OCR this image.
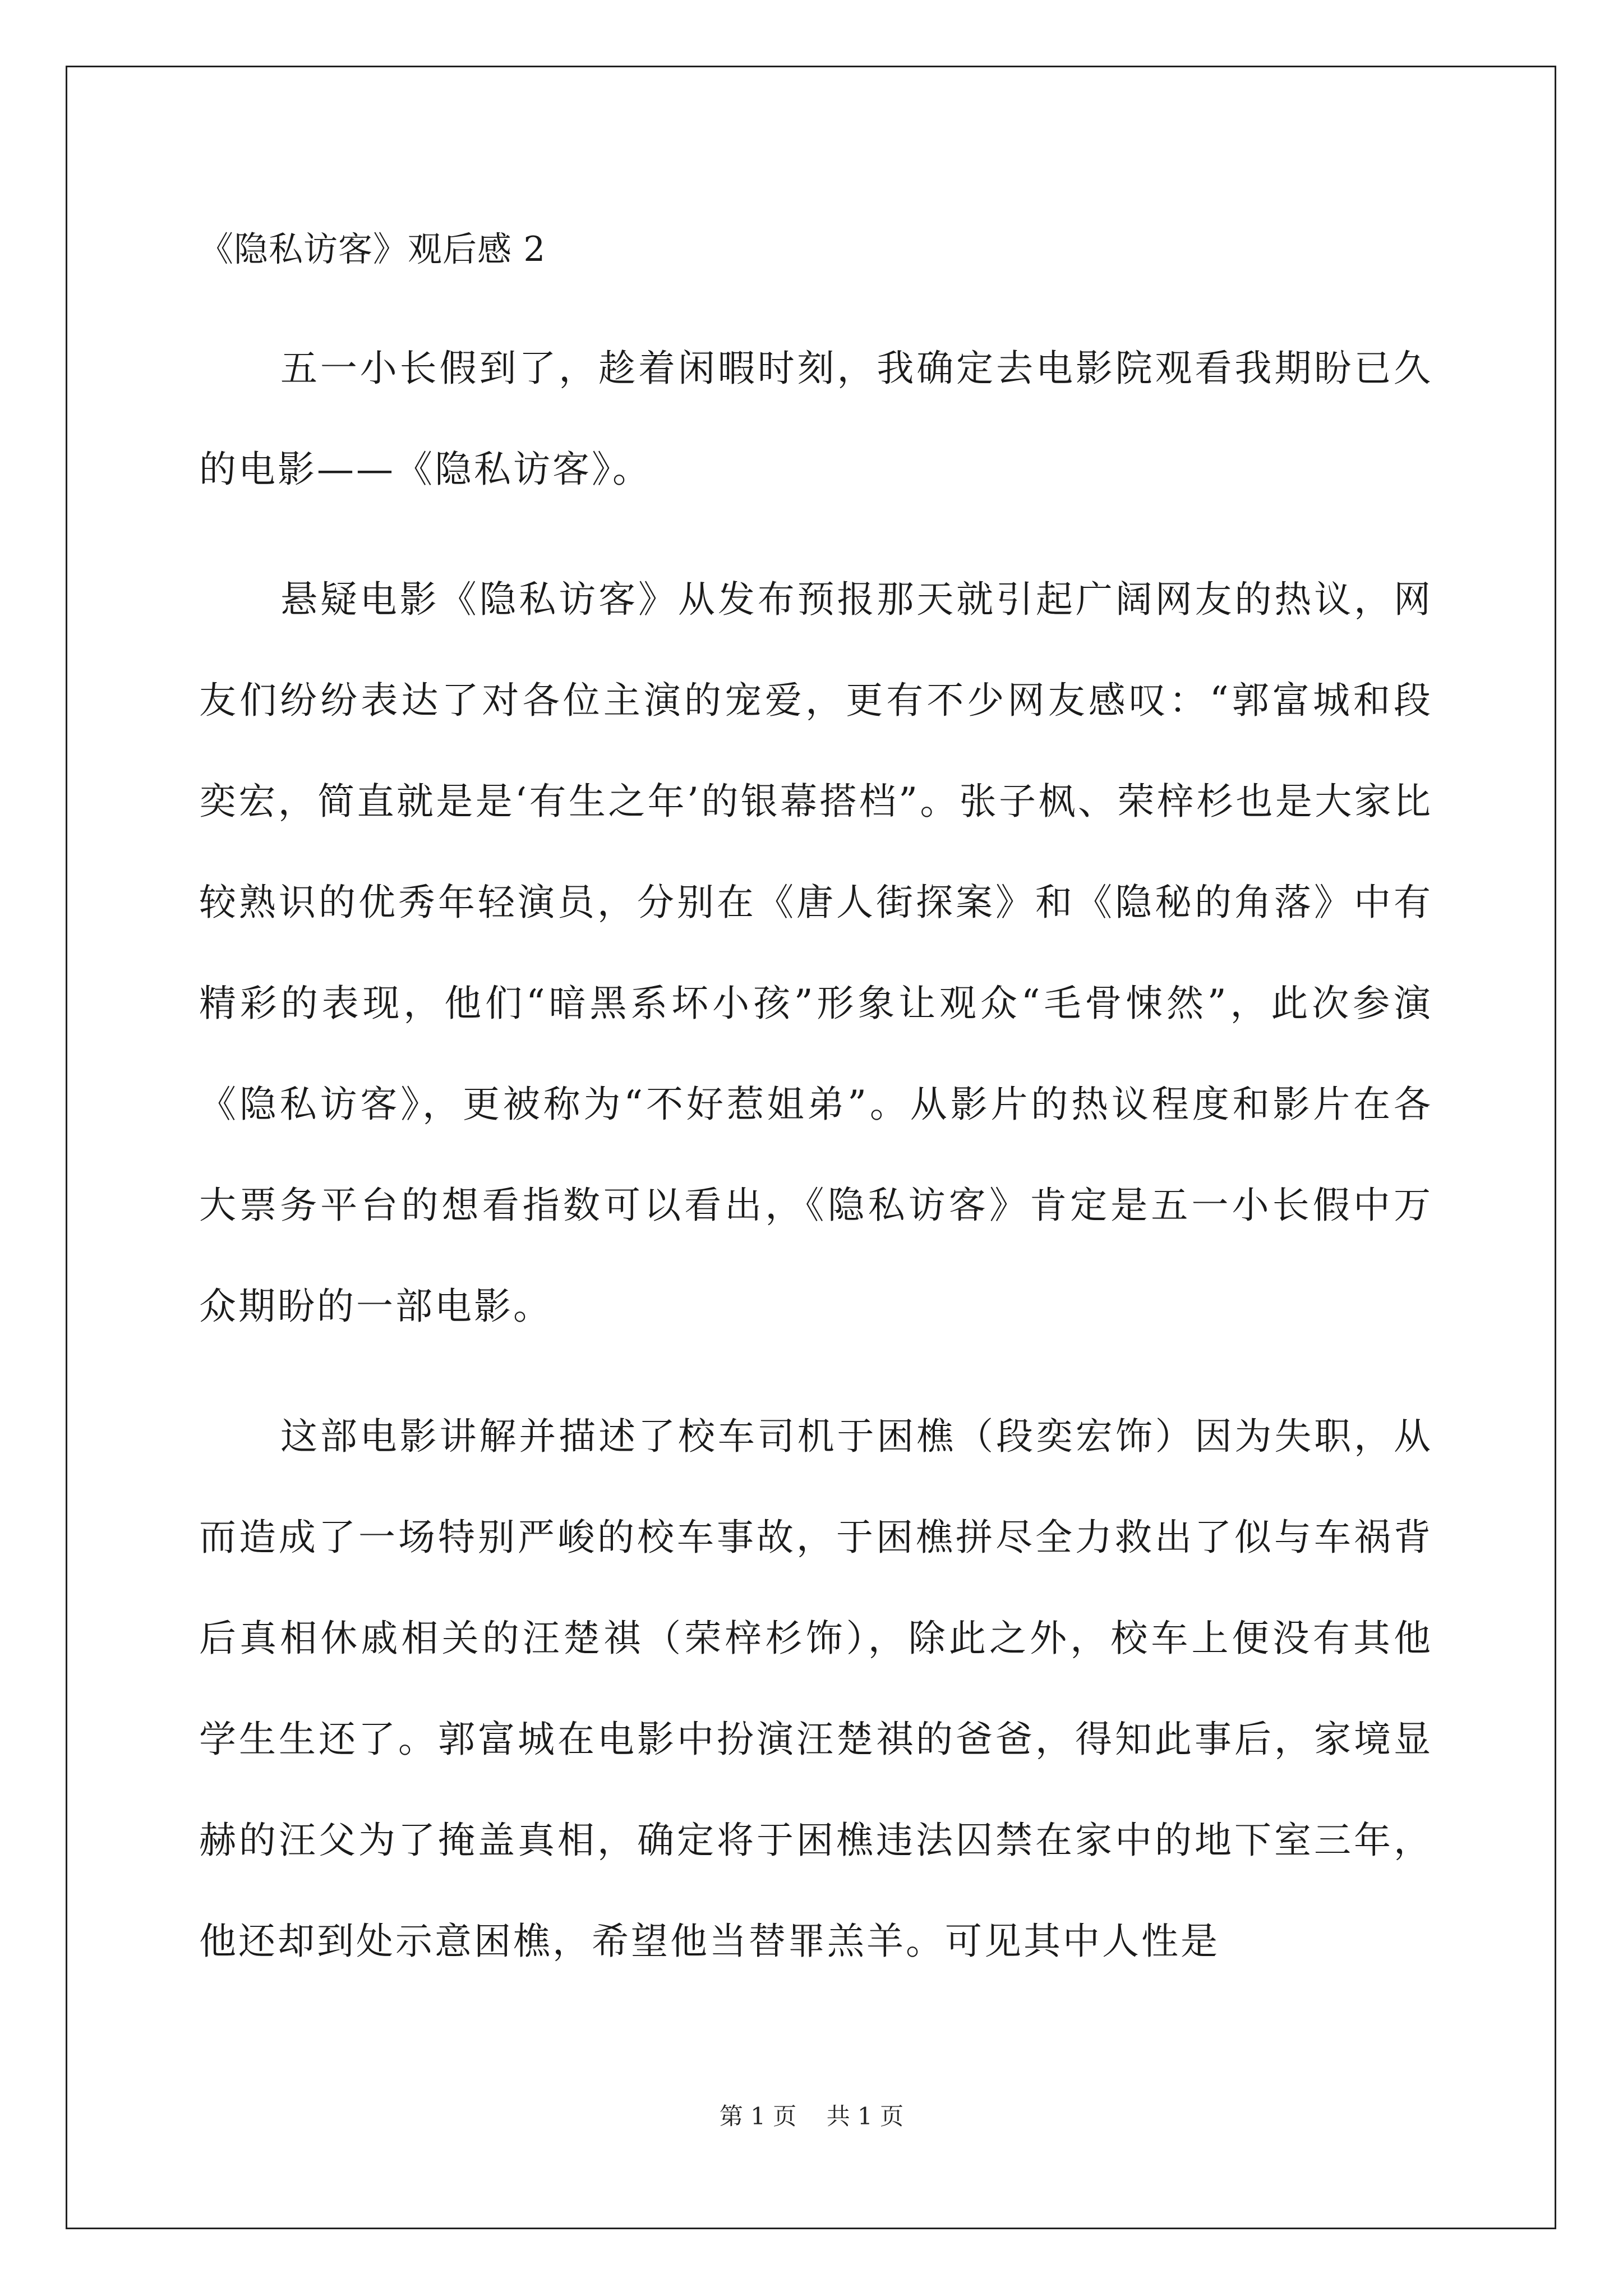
《隐私访客》观后感 2

五一小长假到了，趁着闲暇时刻，我确定去电影院观看我期盼已久的电影——《隐私访客》。

悬疑电影《隐私访客》从发布预报那天就引起广阔网友的热议，网友们纷纷表达了对各位主演的宠爱，更有不少网友感叹：“郭富城和段奕宏，简直就是是‘有生之年’的银幕搭档”。张子枫、荣梓杉也是大家比较熟识的优秀年轻演员，分别在《唐人街探案》和《隐秘的角落》中有精彩的表现，他们“暗黑系坏小孩”形象让观众“毛骨悚然”，此次参演《隐私访客》，更被称为“不好惹姐弟”。从影片的热议程度和影片在各大票务平台的想看指数可以看出，《隐私访客》肯定是五一小长假中万众期盼的一部电影。

这部电影讲解并描述了校车司机于困樵（段奕宏饰）因为失职，从而造成了一场特别严峻的校车事故，于困樵拼尽全力救出了似与车祸背后真相休戚相关的汪楚祺（荣梓杉饰），除此之外，校车上便没有其他学生生还了。郭富城在电影中扮演汪楚祺的爸爸，得知此事后，家境显赫的汪父为了掩盖真相，确定将于困樵违法囚禁在家中的地下室三年，他还却到处示意困樵，希望他当替罪羔羊。可见其中人性是

第 1 页    共 1 页
